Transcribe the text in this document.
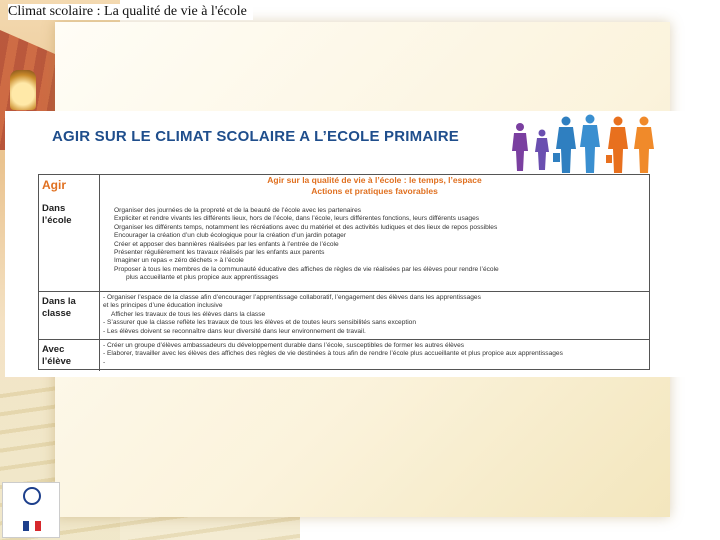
Climat scolaire : La qualité de vie à l'école
AGIR SUR LE CLIMAT SCOLAIRE A L’ECOLE PRIMAIRE
Agir
Dans l’école
Agir sur la qualité de vie à l’école : le temps, l’espace
Actions et pratiques favorables
Organiser des journées de la propreté et de la beauté de l’école avec les partenaires
Expliciter et rendre vivants les différents lieux, hors de l’école, dans l’école, leurs différentes fonctions, leurs différents usages
Organiser les différents temps, notamment les récréations avec du matériel et des activités ludiques et des lieux de repos possibles
Encourager la création d’un club écologique pour la création d’un jardin potager
Créer et apposer des bannières réalisées par les enfants à l’entrée de l’école
Présenter régulièrement les travaux réalisés par les enfants aux parents
Imaginer un repas « zéro déchets » à l’école
Proposer à tous les membres de la communauté éducative des affiches de règles de vie réalisées par les élèves pour rendre l’école
plus accueillante et plus propice aux apprentissages
Dans la classe
- Organiser l’espace de la classe afin d’encourager l’apprentissage collaboratif, l’engagement des élèves dans les apprentissages
et les principes d’une éducation inclusive
Afficher les travaux de tous les élèves dans la classe
- S’assurer que la classe reflète les travaux de tous les élèves et de toutes leurs sensibilités sans exception
- Les élèves doivent se reconnaître dans leur diversité dans leur environnement de travail.
Avec l’élève
- Créer un groupe d’élèves ambassadeurs du développement durable dans l’école, susceptibles de former les autres élèves
- Elaborer, travailler avec les élèves des affiches des règles de vie destinées à tous afin de rendre l’école plus accueillante et plus propice aux apprentissages
-
